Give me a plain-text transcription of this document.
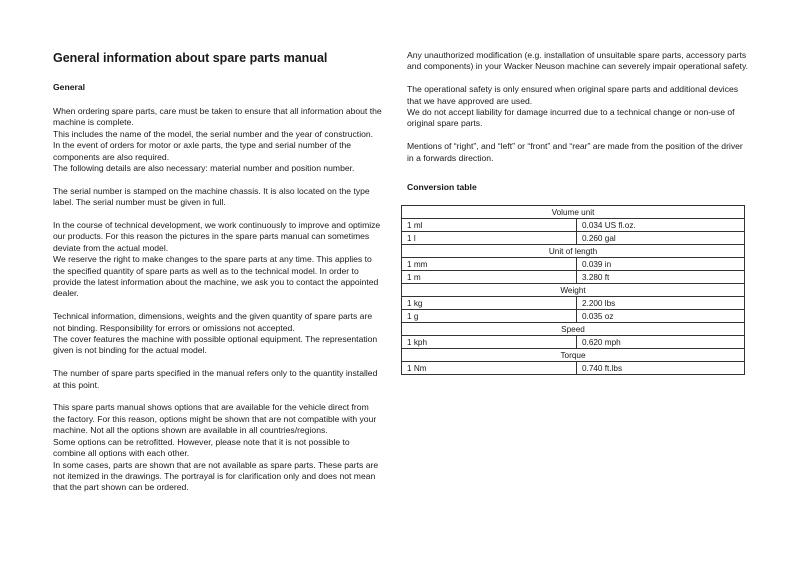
General information about spare parts manual
General

When ordering spare parts, care must be taken to ensure that all information about the machine is complete.
This includes the name of the model, the serial number and the year of construction.
In the event of orders for motor or axle parts, the type and serial number of the components are also required.
The following details are also necessary: material number and position number.

The serial number is stamped on the machine chassis. It is also located on the type label. The serial number must be given in full.

In the course of technical development, we work continuously to improve and optimize our products. For this reason the pictures in the spare parts manual can sometimes deviate from the actual model.
We reserve the right to make changes to the spare parts at any time. This applies to the specified quantity of spare parts as well as to the technical model. In order to provide the latest information about the machine, we ask you to contact the appointed dealer.

Technical information, dimensions, weights and the given quantity of spare parts are not binding. Responsibility for errors or omissions not accepted.
The cover features the machine with possible optional equipment. The representation given is not binding for the actual model.

The number of spare parts specified in the manual refers only to the quantity installed at this point.

This spare parts manual shows options that are available for the vehicle direct from the factory. For this reason, options might be shown that are not compatible with your machine. Not all the options shown are available in all countries/regions.
Some options can be retrofitted. However, please note that it is not possible to combine all options with each other.
In some cases, parts are shown that are not available as spare parts. These parts are not itemized in the drawings. The portrayal is for clarification only and does not mean that the part shown can be ordered.

Any unauthorized modification (e.g. installation of unsuitable spare parts, accessory parts and components) in your Wacker Neuson machine can severely impair operational safety.

The operational safety is only ensured when original spare parts and additional devices that we have approved are used.
We do not accept liability for damage incurred due to a technical change or non-use of original spare parts.

Mentions of “right”, and “left” or “front” and “rear” are made from the position of the driver in a forwards direction.

Conversion table
Volume unit	
1 ml	0.034 US fl.oz.
1 l	0.260 gal
Unit of length	
1 mm	0.039 in
1 m	3.280 ft
Weight	
1 kg	2.200 lbs
1 g	0.035 oz
Speed	
1 kph	0.620 mph
Torque	
1 Nm	0.740 ft.lbs
